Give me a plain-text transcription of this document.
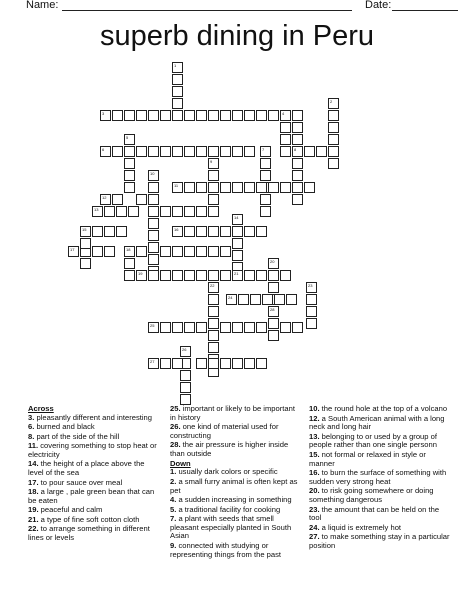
Name:	Date:
superb dining in Peru
1
3	4
2
8
5
6	7
9
10
11
12
13
15
17
16
14
18
19	21
20
28
22
24
23
25
26
27
Across
3. pleasantly different and interesting
6. burned and black
8. part of the side of the hill
11. covering something to stop heat or electricity
14. the height of a place above the level of the sea
17. to pour sauce over meal
18. a large , pale green bean that can be eaten
19. peaceful and calm
21. a type of fine soft cotton cloth
22. to arrange something in different lines or levels
25. important or likely to be important in history
26. one kind of material used for constructing
28. the air pressure is higher inside than outside
Down
1. usually dark colors or specific
2. a small furry animal is often kept as pet
4. a sudden increasing in something
5. a traditional facility for cooking
7. a plant with seeds that smell pleasant especially planted in South Asian
9. connected with studying or representing things from the past
10. the round hole at the top of a volcano
12. a South American animal with a long neck and long hair
13. belonging to or used by a group of people rather than one single personn
15. not formal or relaxed in style or manner
16. to burn the surface of something with sudden very strong heat
20. to risk going somewhere or doing something dangerous
23. the amount that can be held on the tool
24. a liquid is extremely hot
27. to make something stay in a particular position
